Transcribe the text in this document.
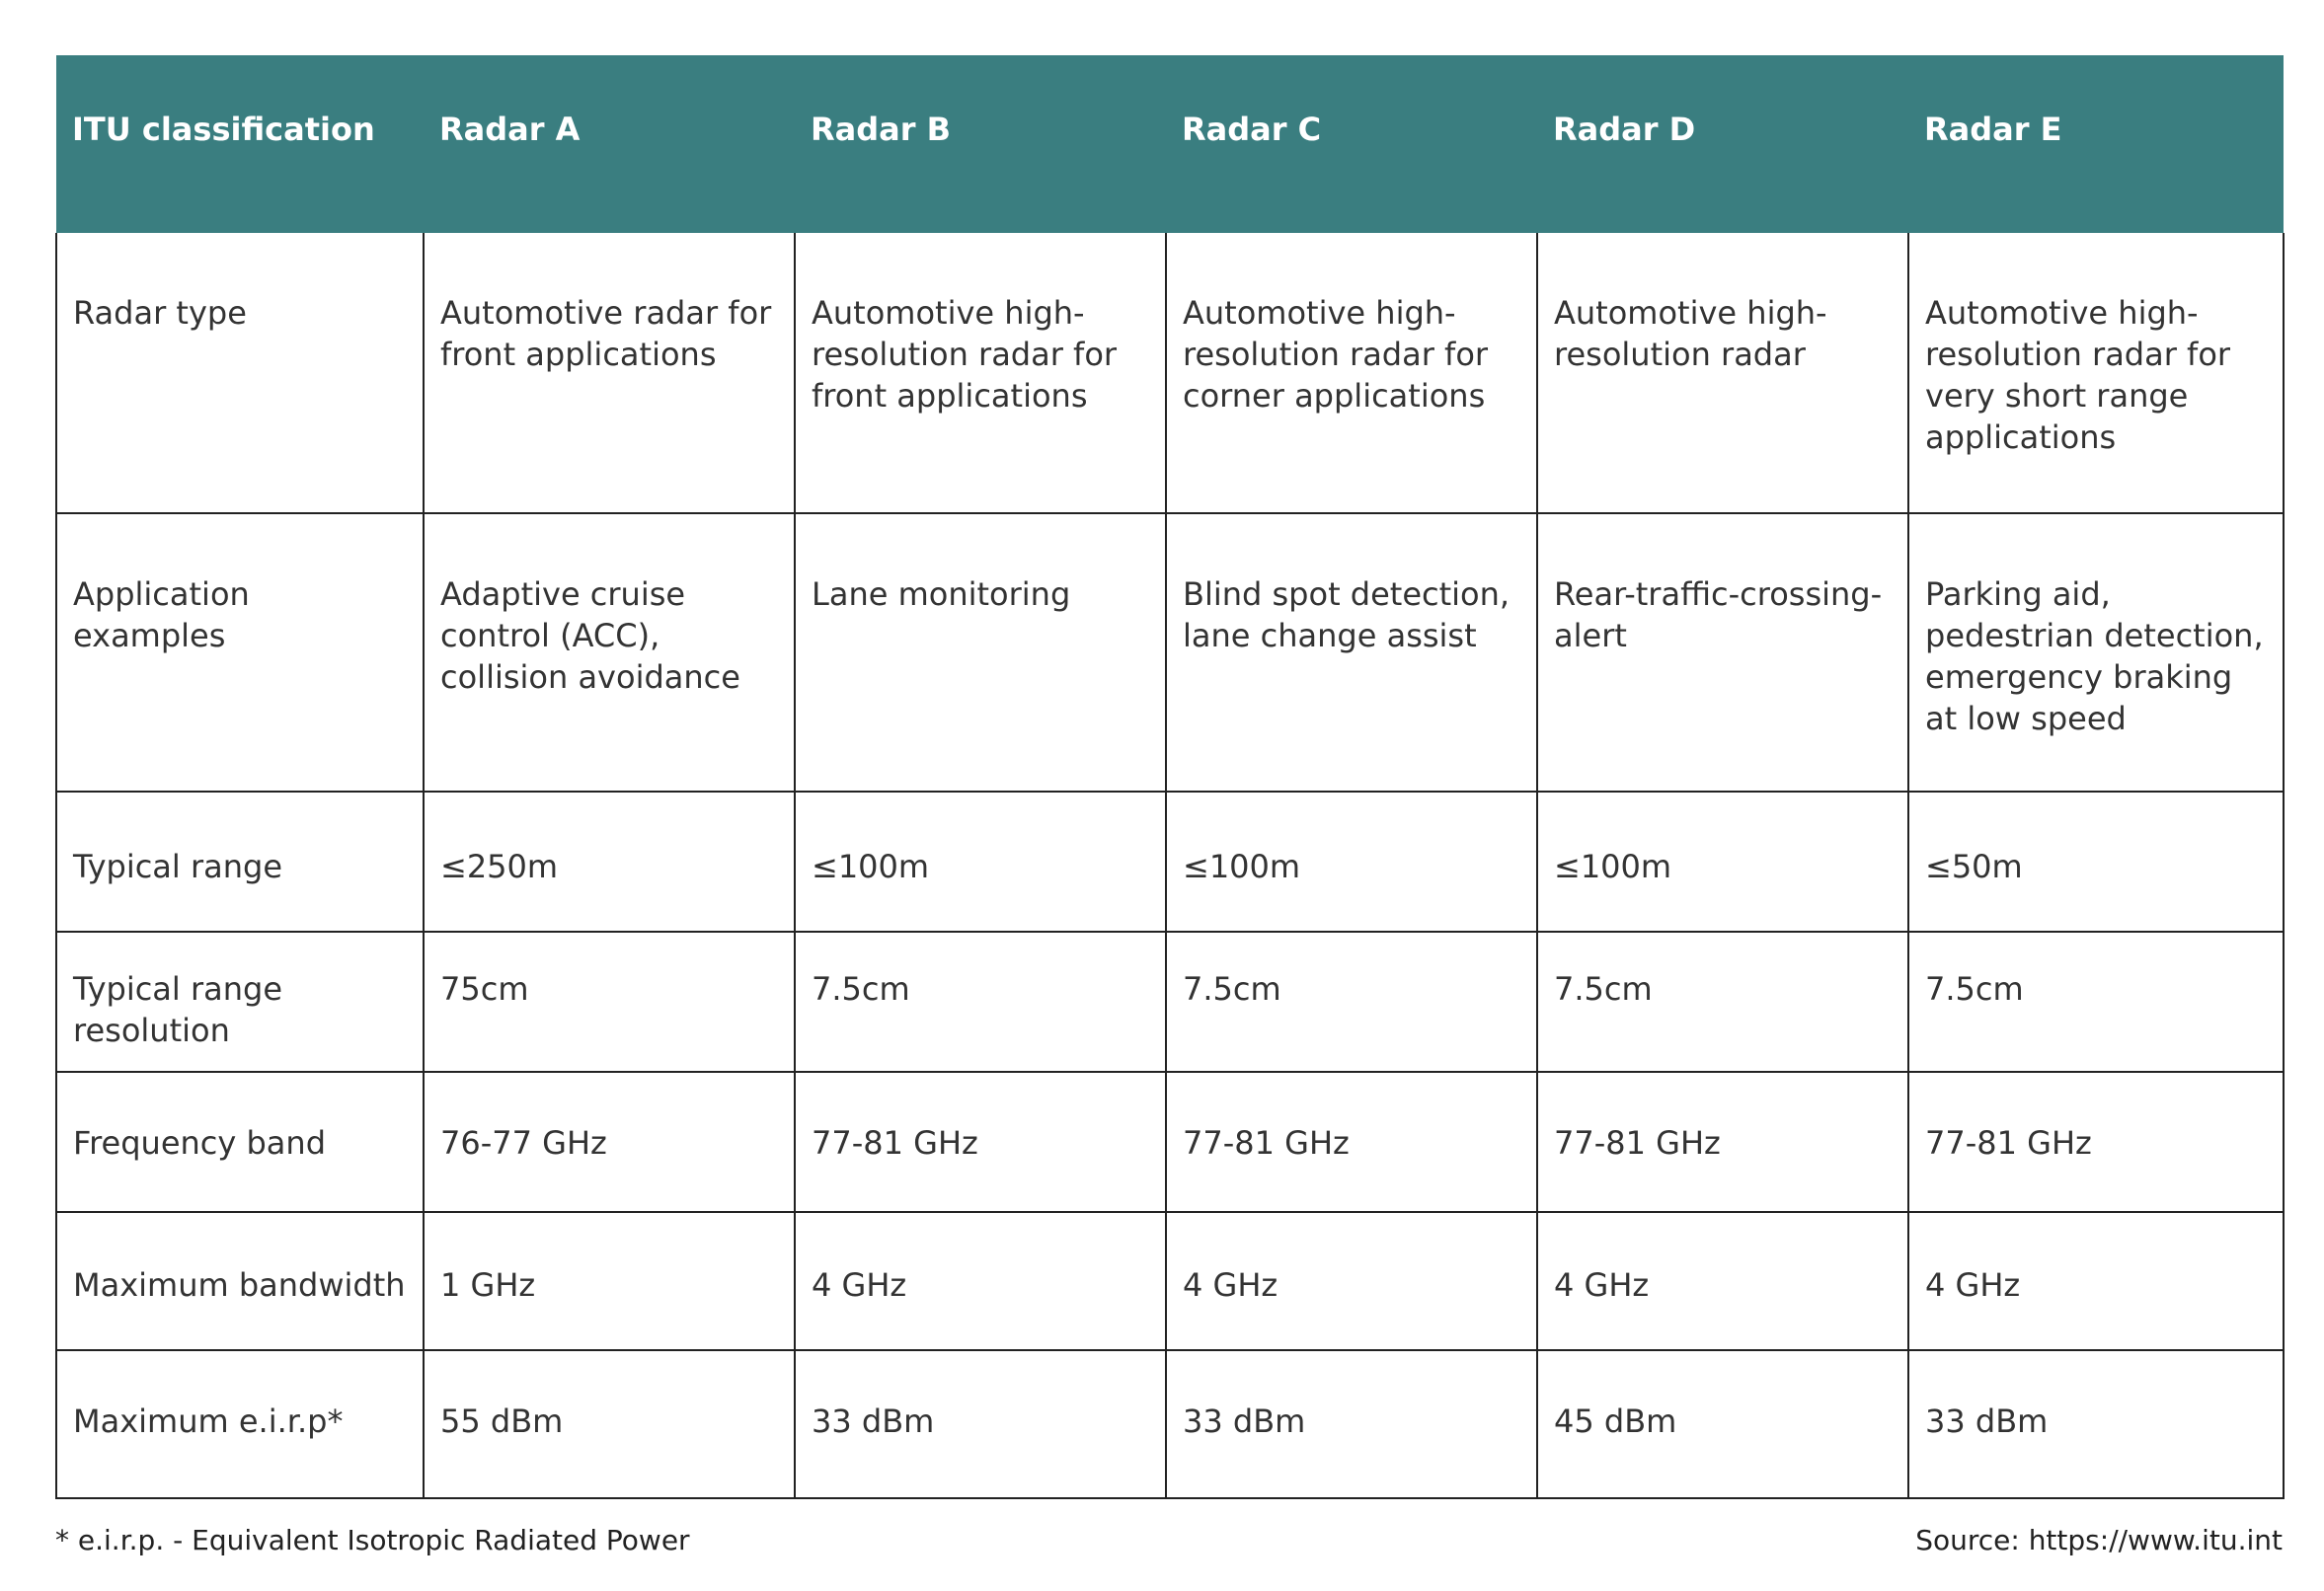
ITU classification	Radar A	Radar B	Radar C	Radar D	Radar E
Radar type	Automotive radar for front applications	Automotive high-resolution radar for front applications	Automotive high-resolution radar for corner applications	Automotive high-resolution radar	Automotive high-resolution radar for very short range applications
Application examples	Adaptive cruise control (ACC), collision avoidance	Lane monitoring	Blind spot detection, lane change assist	Rear-traffic-crossing-alert	Parking aid, pedestrian detection, emergency braking at low speed
Typical range	≤250m	≤100m	≤100m	≤100m	≤50m
Typical range resolution	75cm	7.5cm	7.5cm	7.5cm	7.5cm
Frequency band	76-77 GHz	77-81 GHz	77-81 GHz	77-81 GHz	77-81 GHz
Maximum bandwidth	1 GHz	4 GHz	4 GHz	4 GHz	4 GHz
Maximum e.i.r.p*	55 dBm	33 dBm	33 dBm	45 dBm	33 dBm
* e.i.r.p. - Equivalent Isotropic Radiated Power	Source: https://www.itu.int
